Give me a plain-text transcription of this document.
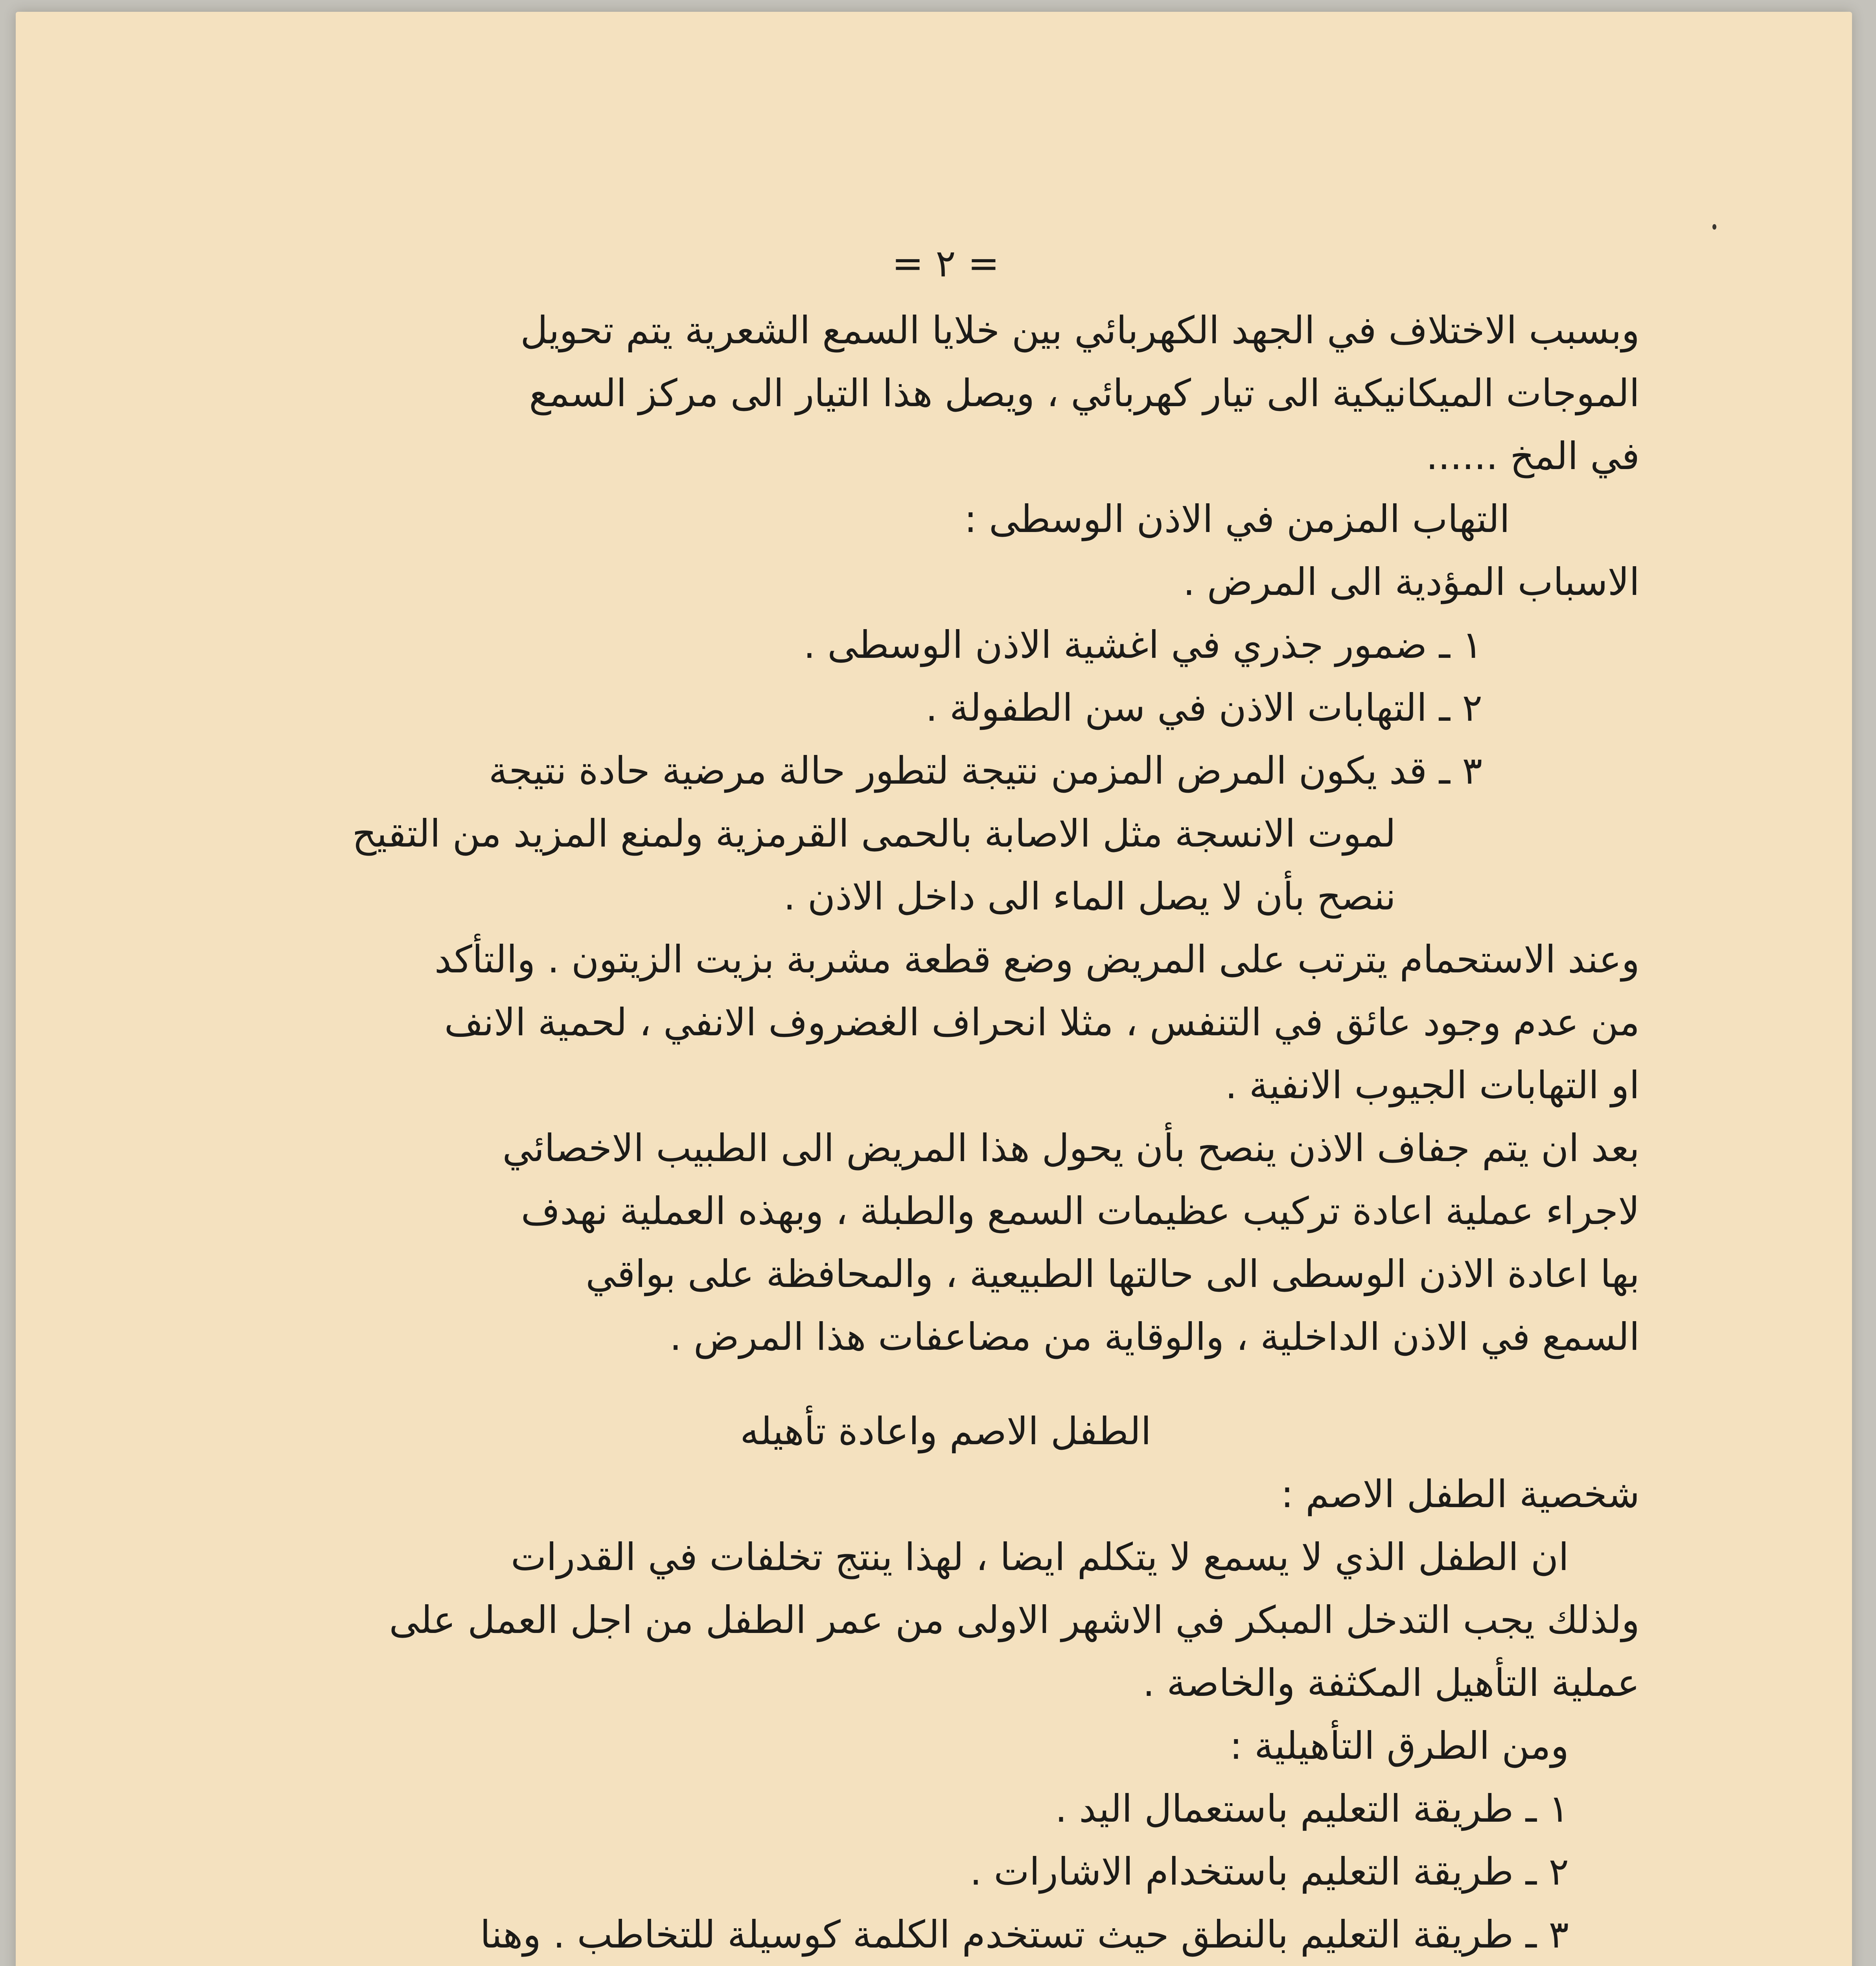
= ٢ =
وبسبب الاختلاف في الجهد الكهربائي بين خلايا السمع الشعرية يتم تحويل
الموجات الميكانيكية الى تيار كهربائي ، ويصل هذا التيار الى مركز السمع
في المخ ......
التهاب المزمن في الاذن الوسطى :
الاسباب المؤدية الى المرض .
١ ـ ضمور جذري في اغشية الاذن الوسطى .
٢ ـ التهابات الاذن في سن الطفولة .
٣ ـ قد يكون المرض المزمن نتيجة لتطور حالة مرضية حادة نتيجة
لموت الانسجة مثل الاصابة بالحمى القرمزية ولمنع المزيد من التقيح
ننصح بأن لا يصل الماء الى داخل الاذن .
وعند الاستحمام يترتب على المريض وضع قطعة مشربة بزيت الزيتون . والتأكد
من عدم وجود عائق في التنفس ، مثلا انحراف الغضروف الانفي ، لحمية الانف
او التهابات الجيوب الانفية .
بعد ان يتم جفاف الاذن ينصح بأن يحول هذا المريض الى الطبيب الاخصائي
لاجراء عملية اعادة تركيب عظيمات السمع والطبلة ، وبهذه العملية نهدف
بها اعادة الاذن الوسطى الى حالتها الطبيعية ، والمحافظة على بواقي
السمع في الاذن الداخلية ، والوقاية من مضاعفات هذا المرض .
الطفل الاصم واعادة تأهيله
شخصية الطفل الاصم :
ان الطفل الذي لا يسمع لا يتكلم ايضا ، لهذا ينتج تخلفات في القدرات
ولذلك يجب التدخل المبكر في الاشهر الاولى من عمر الطفل من اجل العمل على
عملية التأهيل المكثفة والخاصة .
ومن الطرق التأهيلية :
١ ـ طريقة التعليم باستعمال اليد .
٢ ـ طريقة التعليم باستخدام الاشارات .
٣ ـ طريقة التعليم بالنطق حيث تستخدم الكلمة كوسيلة للتخاطب . وهنا
